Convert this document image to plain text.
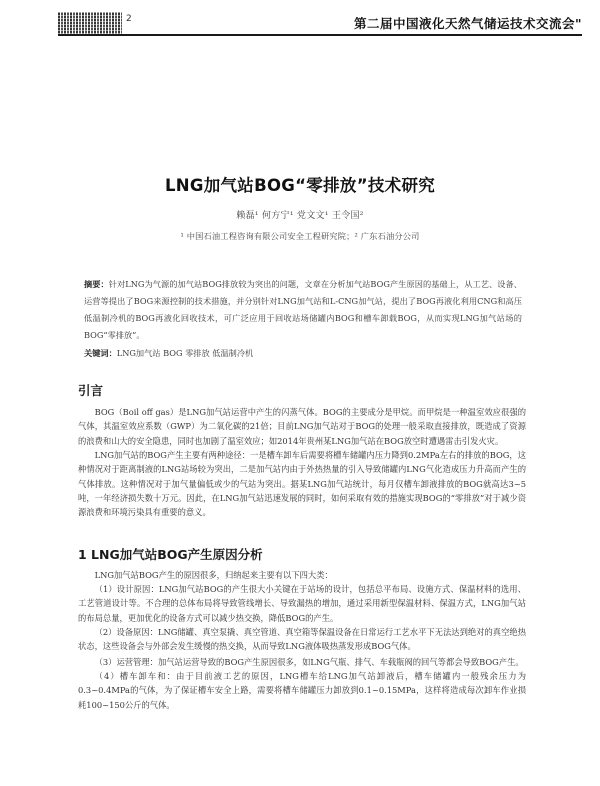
2	第二届中国液化天然气储运技术交流会"
LNG加气站BOG“零排放”技术研究
赖磊¹ 何方宁¹ 党文文¹ 王令国²
¹ 中国石油工程咨询有限公司安全工程研究院；² 广东石油分公司
摘要：针对LNG为气源的加气站BOG排放较为突出的问题，文章在分析加气站BOG产生原因的基础上，从工艺、设备、运营等提出了BOG来源控制的技术措施，并分别针对LNG加气站和L-CNG加气站，提出了BOG再液化利用CNG和高压低温制冷机的BOG再液化回收技术，可广泛应用于回收站场储罐内BOG和槽车卸载BOG，从而实现LNG加气站场的BOG“零排放”。
关键词：LNG加气站 BOG 零排放 低温制冷机
引言

BOG（Boil off gas）是LNG加气站运营中产生的闪蒸气体。BOG的主要成分是甲烷。而甲烷是一种温室效应很强的气体，其温室效应系数（GWP）为二氧化碳的21倍；目前LNG加气站对于BOG的处理一般采取直接排放，既造成了资源的浪费和山大的安全隐患，同时也加剧了温室效应；如2014年贵州某LNG加气站在BOG放空时遭遇雷击引发火灾。

LNG加气站的BOG产生主要有两种途径：一是槽车卸车后需要将槽车储罐内压力降到0.2MPa左右的排放的BOG，这种情况对于距离制液的LNG站场较为突出，二是加气站内由于外热热量的引入导致储罐内LNG气化造成压力升高而产生的气体排放。这种情况对于加气量偏低或少的气站为突出。据某LNG加气站统计，每月仅槽车卸液排放的BOG就高达3~5吨，一年经济损失数十万元。因此，在LNG加气站迅速发展的同时，如何采取有效的措施实现BOG的“零排放”对于减少资源浪费和环境污染具有重要的意义。

1 LNG加气站BOG产生原因分析

LNG加气站BOG产生的原因很多，归纳起来主要有以下四大类：

（1）设计原因：LNG加气站BOG的产生很大小关键在于站场的设计，包括总平布局、设施方式、保温材料的选用、工艺管道设计等。不合理的总体布局将导致管线增长、导致漏热的增加，通过采用新型保温材料、保温方式，LNG加气站的布局总量，更加优化的设备方式可以减少热交换，降低BOG的产生。

（2）设备原因：LNG储罐、真空泵撬、真空管道、真空箱等保温设备在日常运行工艺水平下无法达到绝对的真空绝热状态，这些设备会与外部会发生缓慢的热交换，从而导致LNG液体吸热蒸发形成BOG气体。

（3）运营管理：加气站运营导致的BOG产生原因很多，如LNG气瓶、排气、车载瓶阀的回气等都会导致BOG产生。

（4）槽车卸车和：由于目前液工艺的原因，LNG槽车给LNG加气站卸液后，槽车储罐内一般残余压力为0.3~0.4MPa的气体，为了保证槽车安全上路，需要将槽车储罐压力卸放到0.1~0.15MPa，这样将造成每次卸车作业损耗100~150公斤的气体。
